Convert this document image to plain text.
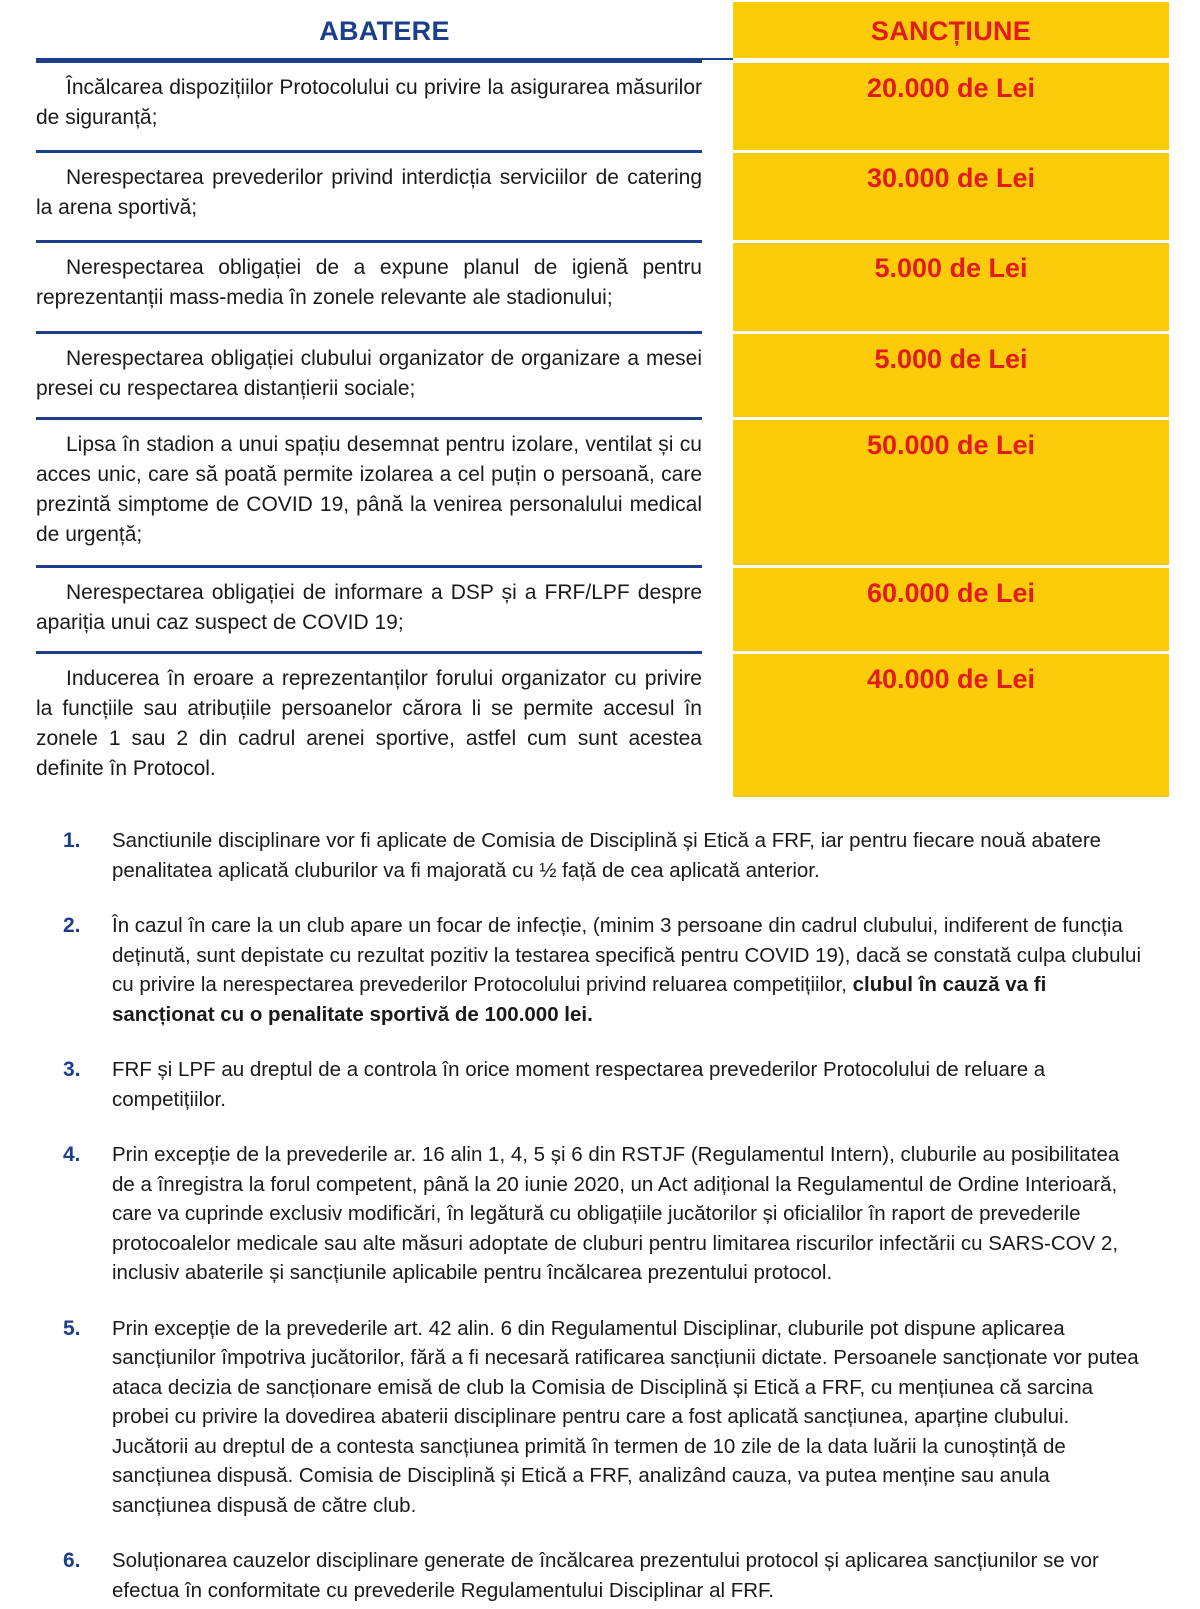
ABATERE	SANCȚIUNE
Încălcarea dispozițiilor Protocolului cu privire la asigurarea măsurilor de siguranță;
20.000 de Lei
Nerespectarea prevederilor privind interdicția serviciilor de catering la arena sportivă;
30.000 de Lei
Nerespectarea obligației de a expune planul de igienă pentru reprezentanții mass-media în zonele relevante ale stadionului;
5.000 de Lei
Nerespectarea obligației clubului organizator de organizare a mesei presei cu respectarea distanțierii sociale;
5.000 de Lei
Lipsa în stadion a unui spațiu desemnat pentru izolare, ventilat și cu acces unic, care să poată permite izolarea a cel puțin o persoană, care prezintă simptome de COVID 19, până la venirea personalului medical de urgență;
50.000 de Lei
Nerespectarea obligației de informare a DSP și a FRF/LPF despre apariția unui caz suspect de COVID 19;
60.000 de Lei
Inducerea în eroare a reprezentanților forului organizator cu privire la funcțiile sau atribuțiile persoanelor cărora li se permite accesul în zonele 1 sau 2 din cadrul arenei sportive, astfel cum sunt acestea definite în Protocol.
40.000 de Lei
1. Sanctiunile disciplinare vor fi aplicate de Comisia de Disciplină și Etică a FRF, iar pentru fiecare nouă abatere penalitatea aplicată cluburilor va fi majorată cu ½ față de cea aplicată anterior.
2. În cazul în care la un club apare un focar de infecție, (minim 3 persoane din cadrul clubului, indiferent de funcția deținută, sunt depistate cu rezultat pozitiv la testarea specifică pentru COVID 19), dacă se constată culpa clubului cu privire la nerespectarea prevederilor Protocolului privind reluarea competițiilor, clubul în cauză va fi sancționat cu o penalitate sportivă de 100.000 lei.
3. FRF și LPF au dreptul de a controla în orice moment respectarea prevederilor Protocolului de reluare a competițiilor.
4. Prin excepție de la prevederile ar. 16 alin 1, 4, 5 și 6 din RSTJF (Regulamentul Intern), cluburile au posibilitatea de a înregistra la forul competent, până la 20 iunie 2020, un Act adițional la Regulamentul de Ordine Interioară, care va cuprinde exclusiv modificări, în legătură cu obligațiile jucătorilor și oficialilor în raport de prevederile protocoalelor medicale sau alte măsuri adoptate de cluburi pentru limitarea riscurilor infectării cu SARS-COV 2, inclusiv abaterile și sancțiunile aplicabile pentru încălcarea prezentului protocol.
5. Prin excepție de la prevederile art. 42 alin. 6 din Regulamentul Disciplinar, cluburile pot dispune aplicarea sancțiunilor împotriva jucătorilor, fără a fi necesară ratificarea sancțiunii dictate. Persoanele sancționate vor putea ataca decizia de sancționare emisă de club la Comisia de Disciplină și Etică a FRF, cu mențiunea că sarcina probei cu privire la dovedirea abaterii disciplinare pentru care a fost aplicată sancțiunea, aparține clubului. Jucătorii au dreptul de a contesta sancțiunea primită în termen de 10 zile de la data luării la cunoștință de sancțiunea dispusă. Comisia de Disciplină și Etică a FRF, analizând cauza, va putea menține sau anula sancțiunea dispusă de către club.
6. Soluționarea cauzelor disciplinare generate de încălcarea prezentului protocol și aplicarea sancțiunilor se vor efectua în conformitate cu prevederile Regulamentului Disciplinar al FRF.
